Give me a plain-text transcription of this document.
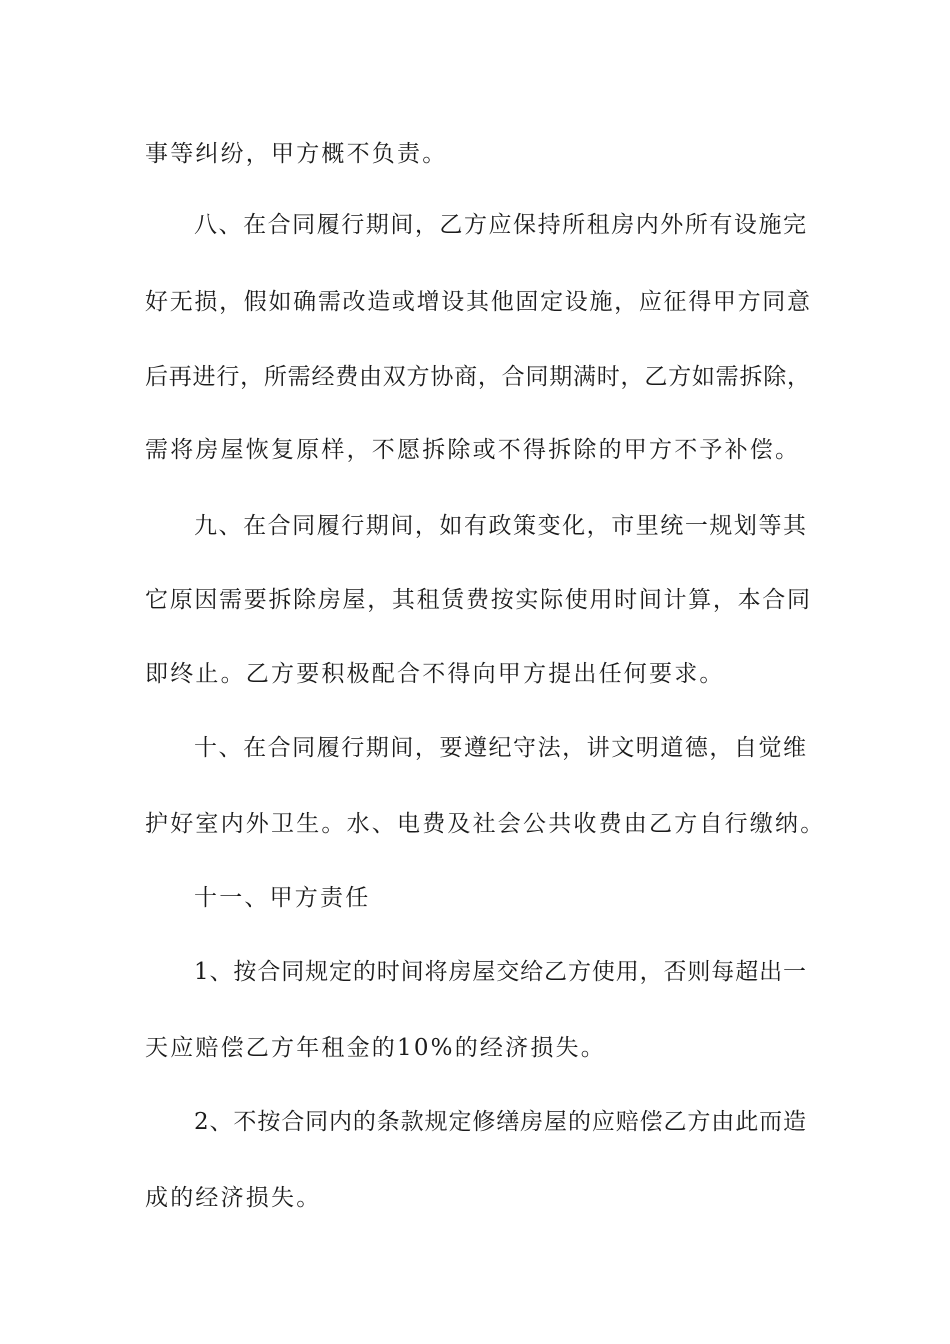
事等纠纷，甲方概不负责。
八、在合同履行期间，乙方应保持所租房内外所有设施完
好无损，假如确需改造或增设其他固定设施，应征得甲方同意
后再进行，所需经费由双方协商，合同期满时，乙方如需拆除，
需将房屋恢复原样，不愿拆除或不得拆除的甲方不予补偿。
九、在合同履行期间，如有政策变化，市里统一规划等其
它原因需要拆除房屋，其租赁费按实际使用时间计算，本合同
即终止。乙方要积极配合不得向甲方提出任何要求。
十、在合同履行期间，要遵纪守法，讲文明道德，自觉维
护好室内外卫生。水、电费及社会公共收费由乙方自行缴纳。
十一、甲方责任
1、按合同规定的时间将房屋交给乙方使用，否则每超出一
天应赔偿乙方年租金的10%的经济损失。
2、不按合同内的条款规定修缮房屋的应赔偿乙方由此而造
成的经济损失。
